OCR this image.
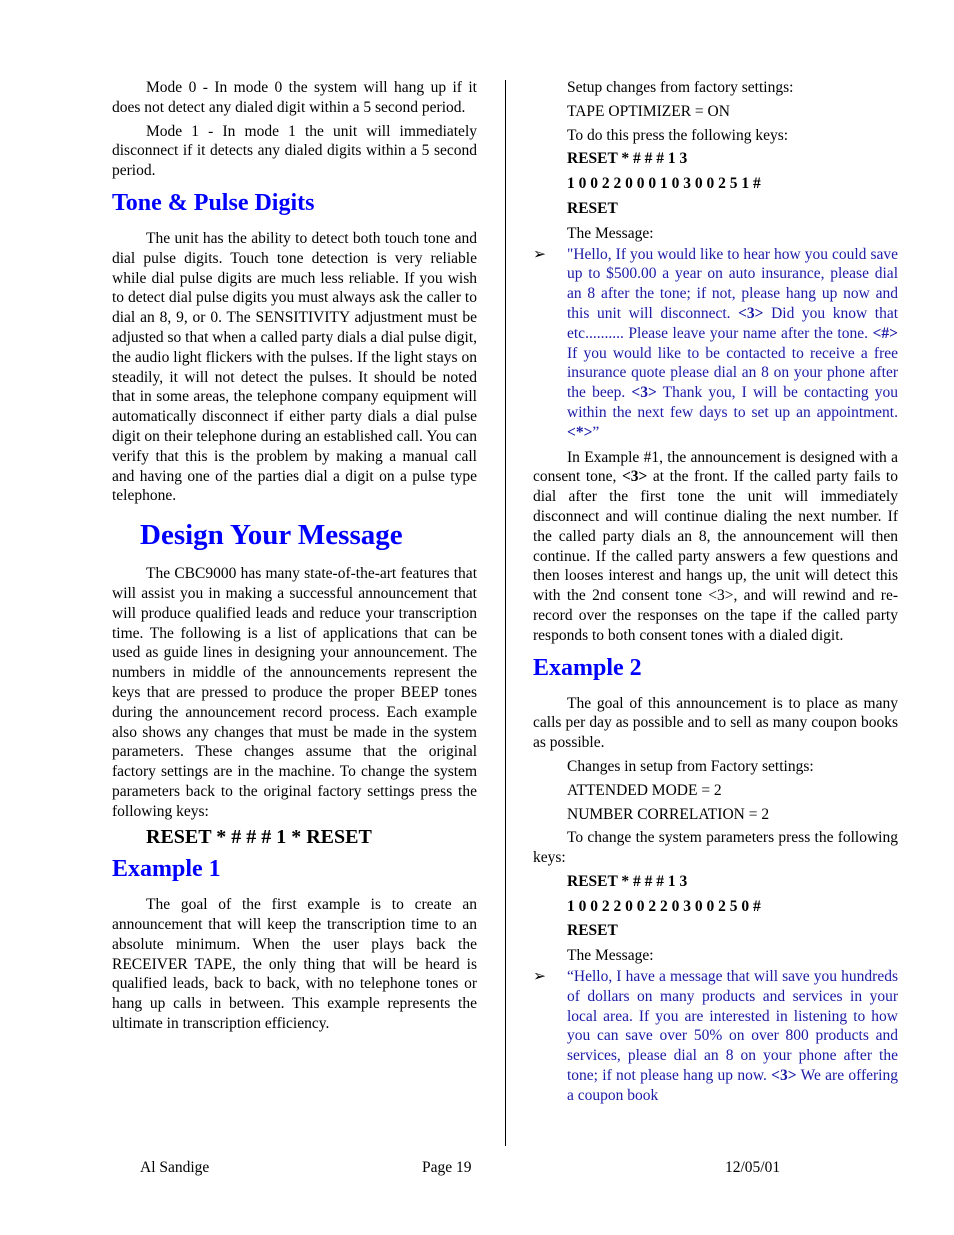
Mode 0 - In mode 0 the system will hang up if it does not detect any dialed digit within a 5 second period.

Mode 1 - In mode 1 the unit will immediately disconnect if it detects any dialed digits within a 5 second period.

Tone & Pulse Digits

The unit has the ability to detect both touch tone and dial pulse digits. Touch tone detection is very reliable while dial pulse digits are much less reliable. If you wish to detect dial pulse digits you must always ask the caller to dial an 8, 9, or 0. The SENSITIVITY adjustment must be adjusted so that when a called party dials a dial pulse digit, the audio light flickers with the pulses. If the light stays on steadily, it will not detect the pulses. It should be noted that in some areas, the telephone company equipment will automatically disconnect if either party dials a dial pulse digit on their telephone during an established call. You can verify that this is the problem by making a manual call and having one of the parties dial a digit on a pulse type telephone.

Design Your Message

The CBC9000 has many state-of-the-art features that will assist you in making a successful announcement that will produce qualified leads and reduce your transcription time. The following is a list of applications that can be used as guide lines in designing your announcement. The numbers in middle of the announcements represent the keys that are pressed to produce the proper BEEP tones during the announcement record process. Each example also shows any changes that must be made in the system parameters. These changes assume that the original factory settings are in the machine. To change the system parameters back to the original factory settings press the following keys:

RESET * # # # 1 * RESET
Example 1

The goal of the first example is to create an announcement that will keep the transcription time to an absolute minimum. When the user plays back the RECEIVER TAPE, the only thing that will be heard is qualified leads, back to back, with no telephone tones or hang up calls in between. This example represents the ultimate in transcription efficiency.

Setup changes from factory settings:

TAPE OPTIMIZER = ON

To do this press the following keys:

RESET * # # # 1 3
1 0 0 2 2 0 0 0 1 0 3 0 0 2 5 1 #
RESET

The Message:

➢ "Hello, If you would like to hear how you could save up to $500.00 a year on auto insurance, please dial an 8 after the tone; if not, please hang up now and this unit will disconnect. <3> Did you know that etc.......... Please leave your name after the tone. <#> If you would like to be contacted to receive a free insurance quote please dial an 8 on your phone after the beep. <3> Thank you, I will be contacting you within the next few days to set up an appointment. <*>”

In Example #1, the announcement is designed with a consent tone, <3> at the front. If the called party fails to dial after the first tone the unit will immediately disconnect and will continue dialing the next number. If the called party dials an 8, the announcement will then continue. If the called party answers a few questions and then looses interest and hangs up, the unit will detect this with the 2nd consent tone <3>, and will rewind and re-record over the responses on the tape if the called party responds to both consent tones with a dialed digit.

Example 2

The goal of this announcement is to place as many calls per day as possible and to sell as many coupon books as possible.

Changes in setup from Factory settings:

ATTENDED MODE = 2

NUMBER CORRELATION = 2

To change the system parameters press the following keys:

RESET * # # # 1 3
1 0 0 2 2 0 0 2 2 0 3 0 0 2 5 0 #
RESET

The Message:

➢ “Hello, I have a message that will save you hundreds of dollars on many products and services in your local area. If you are interested in listening to how you can save over 50% on over 800 products and services, please dial an 8 on your phone after the tone; if not please hang up now. <3> We are offering a coupon book
Al Sandige	Page 19	12/05/01
